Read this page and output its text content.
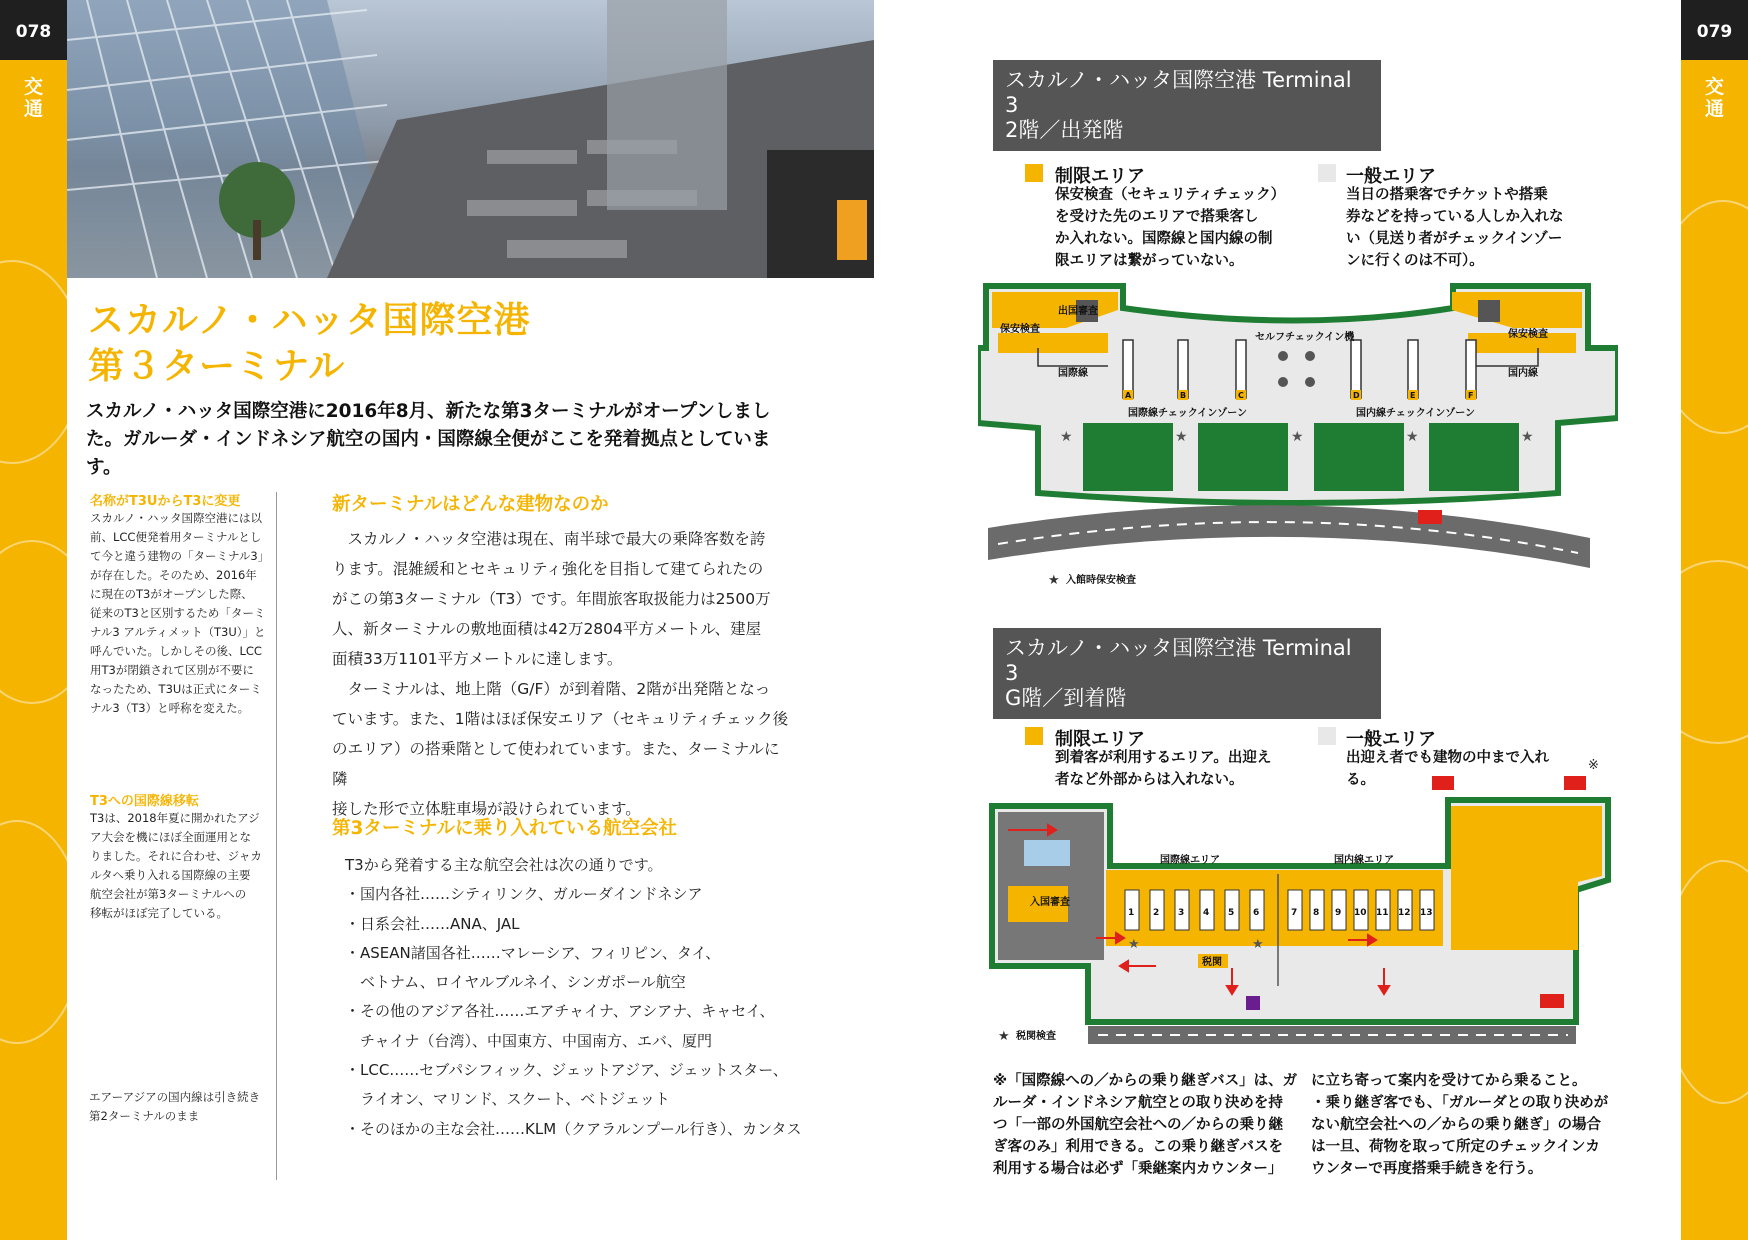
078
交
通
079
交
通
スカルノ・ハッタ国際空港
第３ターミナル
スカルノ・ハッタ国際空港に2016年8月、新たな第3ターミナルがオープンしました。ガルーダ・インドネシア航空の国内・国際線全便がここを発着拠点としています。
名称がT3UからT3に変更
スカルノ・ハッタ国際空港には以
前、LCC便発着用ターミナルとし
て今と違う建物の「ターミナル3」
が存在した。そのため、2016年
に現在のT3がオープンした際、
従来のT3と区別するため「ターミ
ナル3 アルティメット（T3U）」と
呼んでいた。しかしその後、LCC
用T3が閉鎖されて区別が不要に
なったため、T3Uは正式にターミ
ナル3（T3）と呼称を変えた。
T3への国際線移転
T3は、2018年夏に開かれたアジ
ア大会を機にほぼ全面運用とな
りました。それに合わせ、ジャカ
ルタへ乗り入れる国際線の主要
航空会社が第3ターミナルへの
移転がほぼ完了している。
エアーアジアの国内線は引き続き
第2ターミナルのまま
新ターミナルはどんな建物なのか
　スカルノ・ハッタ空港は現在、南半球で最大の乗降客数を誇
ります。混雑緩和とセキュリティ強化を目指して建てられたの
がこの第3ターミナル（T3）です。年間旅客取扱能力は2500万
人、新ターミナルの敷地面積は42万2804平方メートル、建屋
面積33万1101平方メートルに達します。
　ターミナルは、地上階（G/F）が到着階、2階が出発階となっ
ています。また、1階はほぼ保安エリア（セキュリティチェック後
のエリア）の搭乗階として使われています。また、ターミナルに隣
接した形で立体駐車場が設けられています。
第3ターミナルに乗り入れている航空会社
T3から発着する主な航空会社は次の通りです。
・国内各社……シティリンク、ガルーダインドネシア
・日系会社……ANA、JAL
・ASEAN諸国各社……マレーシア、フィリピン、タイ、
　ベトナム、ロイヤルブルネイ、シンガポール航空
・その他のアジア各社……エアチャイナ、アシアナ、キャセイ、
　チャイナ（台湾）、中国東方、中国南方、エバ、厦門
・LCC……セブパシフィック、ジェットアジア、ジェットスター、
　ライオン、マリンド、スクート、ベトジェット
・そのほかの主な会社……KLM（クアラルンプール行き）、カンタス
スカルノ・ハッタ国際空港 Terminal 3
2階／出発階
制限エリア
保安検査（セキュリティチェック）
を受けた先のエリアで搭乗客し
か入れない。国際線と国内線の制
限エリアは繋がっていない。
一般エリア
当日の搭乗客でチケットや搭乗
券などを持っている人しか入れな
い（見送り者がチェックインゾー
ンに行くのは不可）。
★	★	★	★	★
出国審査
保安検査	保安検査
国際線	国内線
セルフチェックイン機
国際線チェックインゾーン	国内線チェックインゾーン
A	B	C	D	E	F
★ 入館時保安検査
スカルノ・ハッタ国際空港 Terminal 3
G階／到着階
制限エリア
到着客が利用するエリア。出迎え
者など外部からは入れない。
一般エリア
出迎え者でも建物の中まで入れ
る。
※
1 2 3 4 5 6	7 8 9 10 11 12 13
★	★
国際線エリア	国内線エリア
入国審査
税関
★ 税関検査
※「国際線への／からの乗り継ぎバス」は、ガ
ルーダ・インドネシア航空との取り決めを持
つ「一部の外国航空会社への／からの乗り継
ぎ客のみ」利用できる。この乗り継ぎバスを
利用する場合は必ず「乗継案内カウンター」
に立ち寄って案内を受けてから乗ること。
・乗り継ぎ客でも、「ガルーダとの取り決めが
ない航空会社への／からの乗り継ぎ」の場合
は一旦、荷物を取って所定のチェックインカ
ウンターで再度搭乗手続きを行う。
